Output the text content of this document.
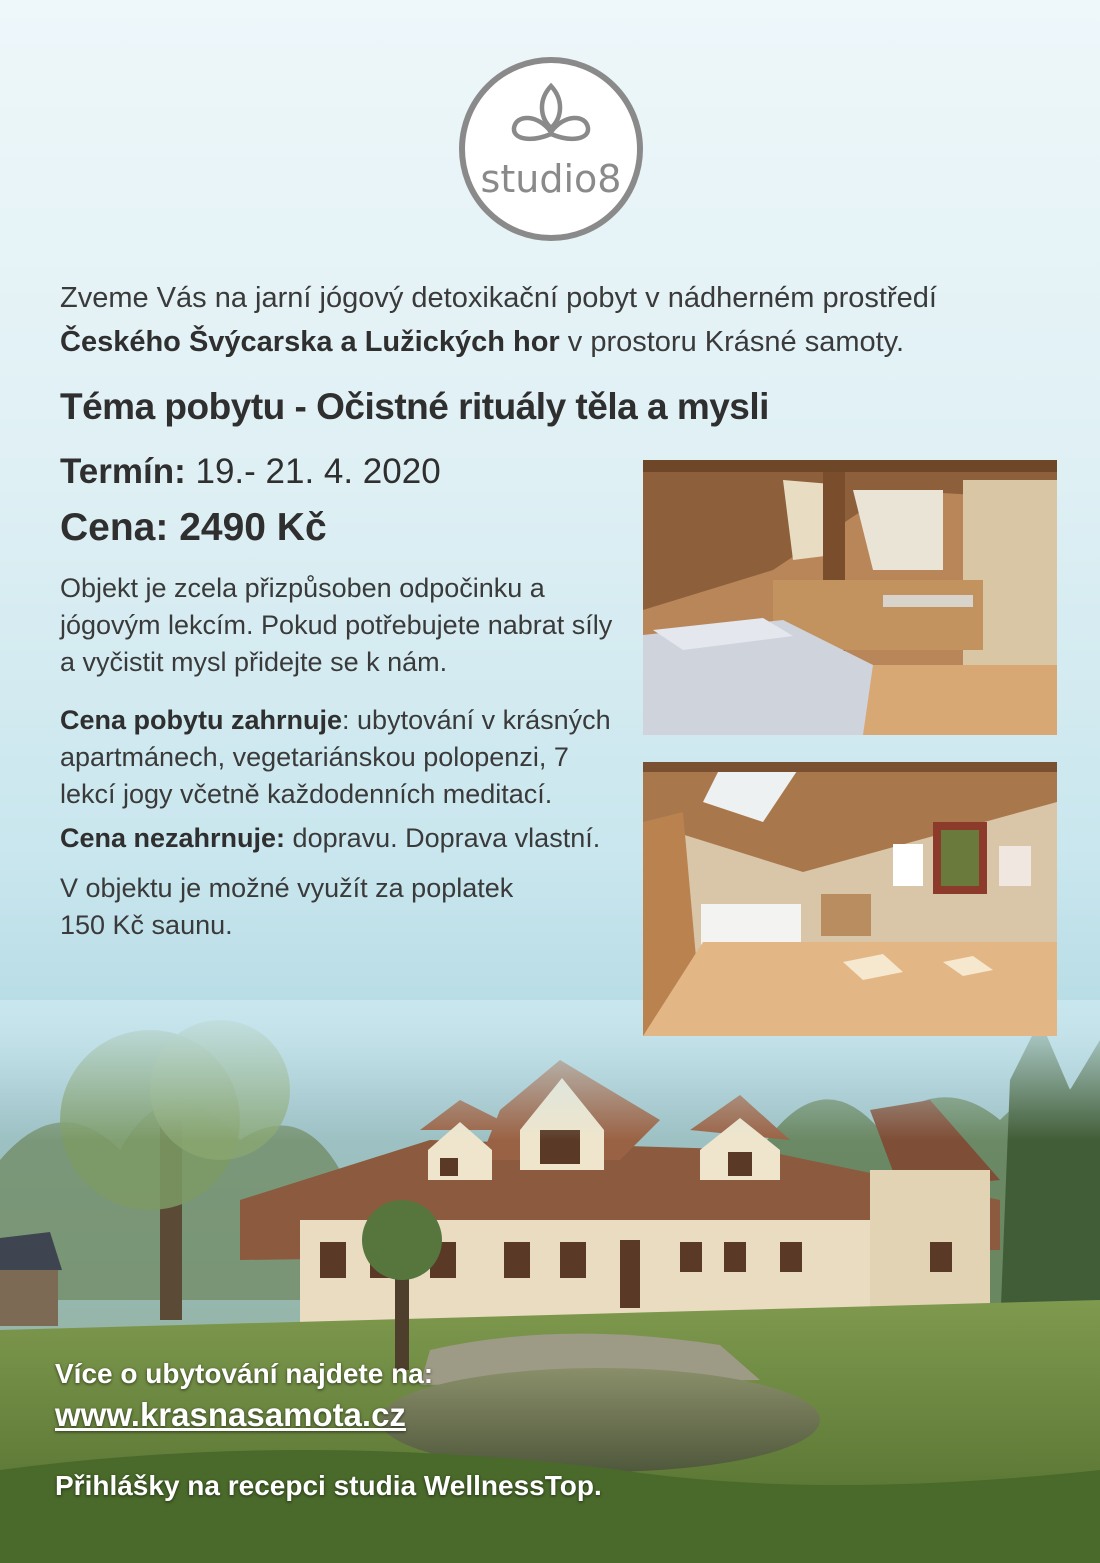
studio8
Zveme Vás na jarní jógový detoxikační pobyt v nádherném prostředí
Českého Švýcarska a Lužických hor v prostoru Krásné samoty.
Téma pobytu - Očistné rituály těla a mysli
Termín: 19.- 21. 4. 2020
Cena: 2490 Kč

Objekt je zcela přizpůsoben odpočinku a jógovým lekcím. Pokud potřebujete nabrat síly a vyčistit mysl přidejte se k nám.

Cena pobytu zahrnuje: ubytování v krásných apartmánech, vegetariánskou polopenzi, 7 lekcí jogy včetně každodenních meditací.

Cena nezahrnuje: dopravu. Doprava vlastní.

V objektu je možné využít za poplatek 150 Kč saunu.

Více o ubytování najdete na:
www.krasnasamota.cz
Přihlášky na recepci studia WellnessTop.
